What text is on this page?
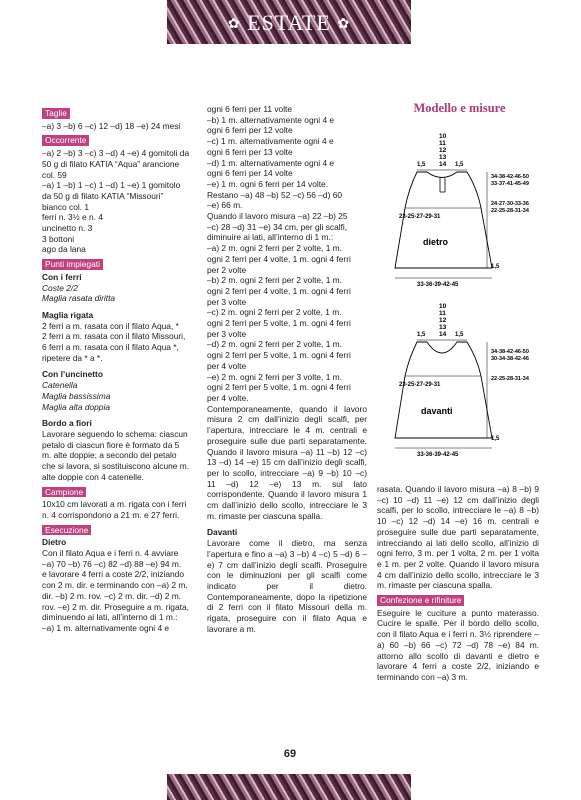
✿ ESTATE ✿
Taglie

–a) 3 –b) 6 –c) 12 –d) 18 –e) 24 mesi

Occorrente

–a) 2 –b) 3 –c) 3 –d) 4 –e) 4 gomitoli da

50 g di filato KATIA “Aqua” arancione

col. 59

–a) 1 –b) 1 –c) 1 –d) 1 –e) 1 gomitolo

da 50 g di filato KATIA “Missouri”

bianco col. 1

ferri n. 3½ e n. 4

uncinetto n. 3

3 bottoni

ago da lana

Punti impiegati

Con i ferri

Coste 2/2

Maglia rasata diritta

Maglia rigata

2 ferri a m. rasata con il filato Aqua, *

2 ferri a m. rasata con il filato Missouri,

6 ferri a m. rasata con il filato Aqua *,

ripetere da * a *.

Con l’uncinetto

Catenella

Maglia bassissima

Maglia alta doppia

Bordo a fiori

Lavorare seguendo lo schema: ciascun

petalo di ciascun fiore è formato da 5

m. alte doppie; a secondo del petalo

che si lavora, si sostituiscono alcune m.

alte doppie con 4 catenelle.

Campione

10x10 cm lavorati a m. rigata con i ferri

n. 4 corrispondono a 21 m. e 27 ferri.

Esecuzione

Dietro

Con il filato Aqua e i ferri n. 4 avviare

–a) 70 –b) 76 –c) 82 –d) 88 –e) 94 m.

e lavorare 4 ferri a coste 2/2, iniziando

con 2 m. dir. e terminando con –a) 2 m.

dir. –b) 2 m. rov. –c) 2 m. dir. –d) 2 m.

rov. –e) 2 m. dir. Proseguire a m. rigata,

diminuendo ai lati, all’interno di 1 m.:

–a) 1 m. alternativamente ogni 4 e

ogni 6 ferri per 11 volte

–b) 1 m. alternativamente ogni 4 e

ogni 6 ferri per 12 volte

–c) 1 m. alternativamente ogni 4 e

ogni 6 ferri per 13 volte

–d) 1 m. alternativamente ogni 4 e

ogni 6 ferri per 14 volte

–e) 1 m. ogni 6 ferri per 14 volte.

Restano –a) 48 –b) 52 –c) 56 –d) 60

–e) 66 m.

Quando il lavoro misura –a) 22 –b) 25

–c) 28 –d) 31 –e) 34 cm, per gli scalfi,

diminuire ai lati, all’interno di 1 m.:

–a) 2 m. ogni 2 ferri per 2 volte, 1 m.

ogni 2 ferri per 4 volte, 1 m. ogni 4 ferri

per 2 volte

–b) 2 m. ogni 2 ferri per 2 volte, 1 m.

ogni 2 ferri per 4 volte, 1 m. ogni 4 ferri

per 3 volte

–c) 2 m. ogni 2 ferri per 2 volte, 1 m.

ogni 2 ferri per 5 volte, 1 m. ogni 4 ferri

per 3 volte

–d) 2 m. ogni 2 ferri per 2 volte, 1 m.

ogni 2 ferri per 5 volte, 1 m. ogni 4 ferri

per 4 volte

–e) 2 m. ogni 2 ferri per 3 volte, 1 m.

ogni 2 ferri per 5 volte, 1 m. ogni 4 ferri

per 4 volte.

Contemporaneamente, quando il lavoro misura 2 cm dall’inizio degli scalfi, per l’apertura, intrecciare le 4 m. centrali e proseguire sulle due parti separatamente. Quando il lavoro misura –a) 11 –b) 12 –c) 13 –d) 14 –e) 15 cm dall’inizio degli scalfi, per lo scollo, intrecciare –a) 9 –b) 10 –c) 11 –d) 12 –e) 13 m. sul lato corrispondente. Quando il lavoro misura 1 cm dall’inizio dello scollo, intrecciare le 3 m. rimaste per ciascuna spalla.

Davanti

Lavorare come il dietro, ma senza l’apertura e fino a –a) 3 –b) 4 –c) 5 –d) 6 –e) 7 cm dall’inizio degli scalfi. Proseguire con le diminuzioni per gli scalfi come indicato per il dietro. Contemporaneamente, dopo la ripetizione di 2 ferri con il filato Missouri della m. rigata, proseguire con il filato Aqua e lavorare a m.

Modello e misure
10
11
12
13
14
1,5	1,5
23-25-27-29-31
dietro
34-38-42-46-50
33-37-41-45-49
24-27-30-33-36
22-25-28-31-34
1,5
33-36-39-42-45
10
11
12
13
14
1,5	1,5
23-25-27-29-31
davanti
34-38-42-46-50
30-34-38-42-46
22-25-28-31-34
1,5
33-36-39-42-45

rasata. Quando il lavoro misura –a) 8 –b) 9 –c) 10 –d) 11 –e) 12 cm dall’inizio degli scalfi, per lo scollo, intrecciare le –a) 8 –b) 10 –c) 12 –d) 14 –e) 16 m. centrali e proseguire sulle due parti separatamente, intrecciando ai lati dello scollo, all’inizio di ogni ferro, 3 m. per 1 volta, 2 m. per 1 volta e 1 m. per 2 volte. Quando il lavoro misura 4 cm dall’inizio dello scollo, intrecciare le 3 m. rimaste per ciascuna spalla.

Confezione e rifiniture

Eseguire le cuciture a punto materasso. Cucire le spalle. Per il bordo dello scollo, con il filato Aqua e i ferri n. 3½ riprendere –a) 60 –b) 66 –c) 72 –d) 78 –e) 84 m. attorno allo scollo di davanti e dietro e lavorare 4 ferri a coste 2/2, iniziando e terminando con –a) 3 m.

69
PassionForum.ru
